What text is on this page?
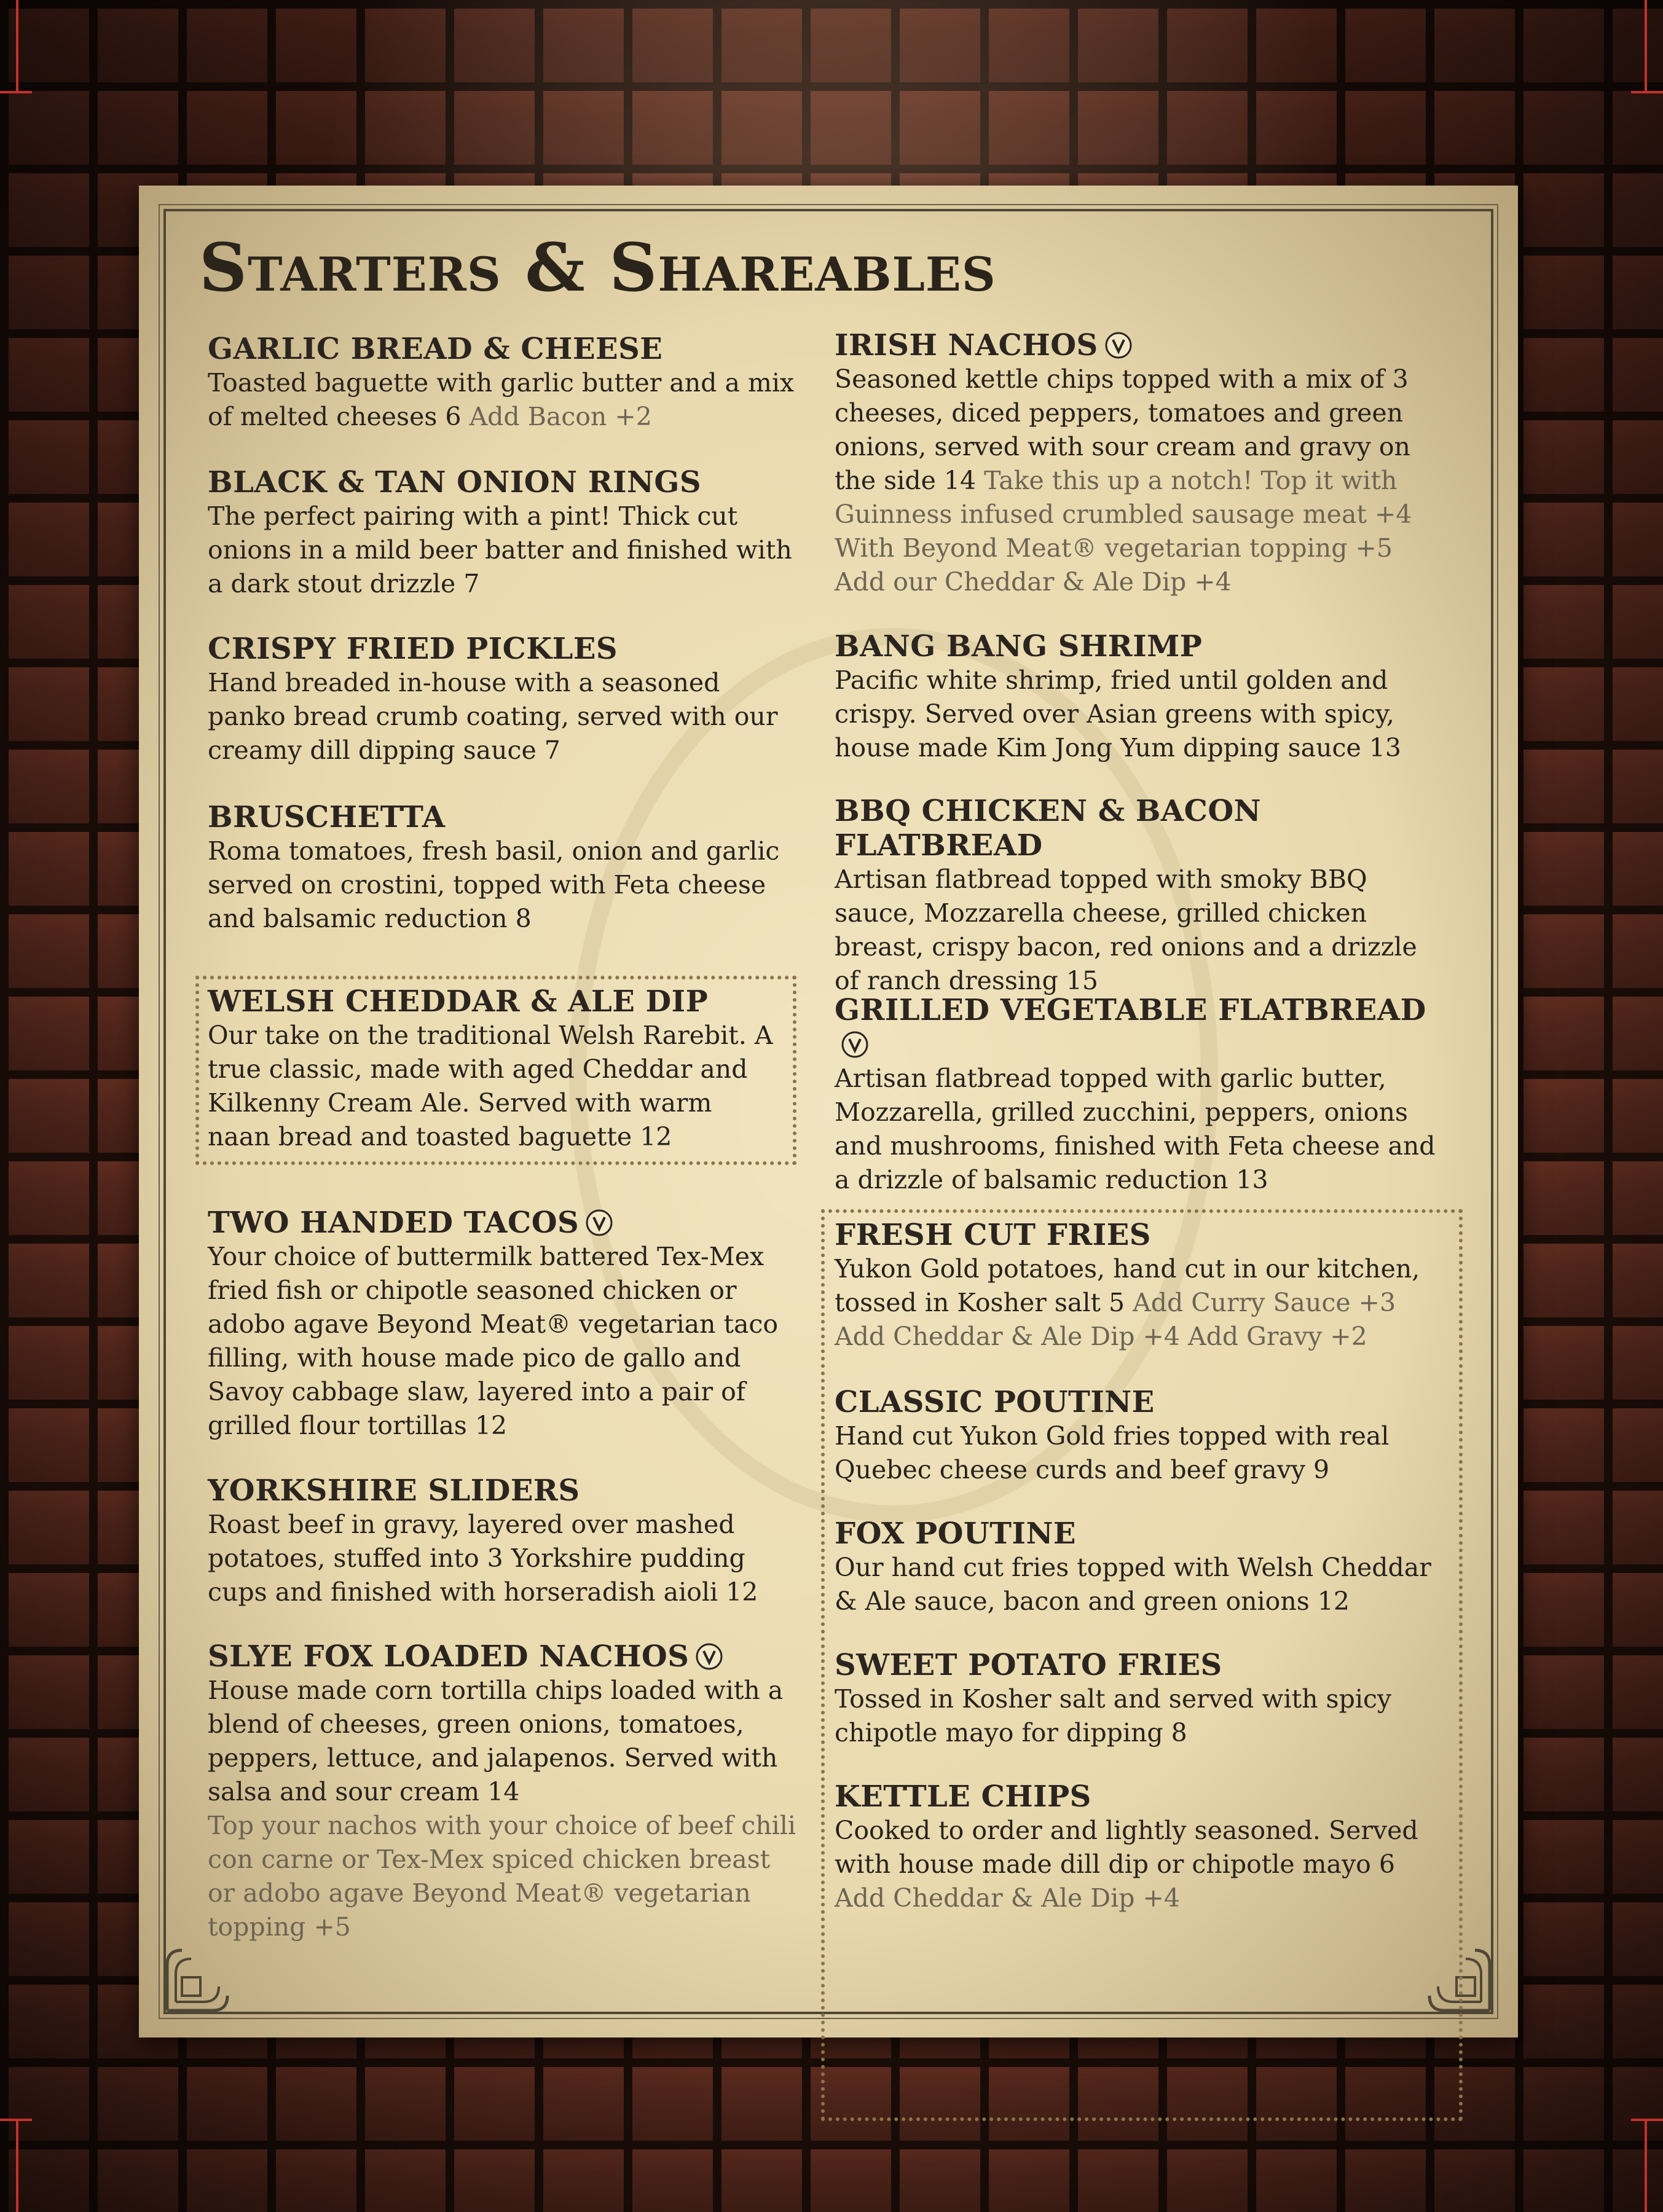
Starters & Shareables
GARLIC BREAD & CHEESE

Toasted baguette with garlic butter and a mix of melted cheeses 6 Add Bacon +2

BLACK & TAN ONION RINGS

The perfect pairing with a pint! Thick cut onions in a mild beer batter and finished with a dark stout drizzle 7

CRISPY FRIED PICKLES

Hand breaded in-house with a seasoned panko bread crumb coating, served with our creamy dill dipping sauce 7

BRUSCHETTA

Roma tomatoes, fresh basil, onion and garlic served on crostini, topped with Feta cheese and balsamic reduction 8

WELSH CHEDDAR & ALE DIP

Our take on the traditional Welsh Rarebit. A true classic, made with aged Cheddar and Kilkenny Cream Ale. Served with warm naan bread and toasted baguette 12

TWO HANDED TACOS

Your choice of buttermilk battered Tex-Mex fried fish or chipotle seasoned chicken or adobo agave Beyond Meat® vegetarian taco filling, with house made pico de gallo and Savoy cabbage slaw, layered into a pair of grilled flour tortillas 12

YORKSHIRE SLIDERS

Roast beef in gravy, layered over mashed potatoes, stuffed into 3 Yorkshire pudding cups and finished with horseradish aioli 12

SLYE FOX LOADED NACHOS

House made corn tortilla chips loaded with a blend of cheeses, green onions, tomatoes, peppers, lettuce, and jalapenos. Served with salsa and sour cream 14

Top your nachos with your choice of beef chili con carne or Tex-Mex spiced chicken breast or adobo agave Beyond Meat® vegetarian topping +5

IRISH NACHOS

Seasoned kettle chips topped with a mix of 3 cheeses, diced peppers, tomatoes and green onions, served with sour cream and gravy on the side 14 Take this up a notch! Top it with Guinness infused crumbled sausage meat +4 With Beyond Meat® vegetarian topping +5 Add our Cheddar & Ale Dip +4

BANG BANG SHRIMP

Pacific white shrimp, fried until golden and crispy. Served over Asian greens with spicy, house made Kim Jong Yum dipping sauce 13

BBQ CHICKEN & BACON FLATBREAD

Artisan flatbread topped with smoky BBQ sauce, Mozzarella cheese, grilled chicken breast, crispy bacon, red onions and a drizzle of ranch dressing 15

GRILLED VEGETABLE FLATBREAD

Artisan flatbread topped with garlic butter, Mozzarella, grilled zucchini, peppers, onions and mushrooms, finished with Feta cheese and a drizzle of balsamic reduction 13

FRESH CUT FRIES

Yukon Gold potatoes, hand cut in our kitchen, tossed in Kosher salt 5 Add Curry Sauce +3 Add Cheddar & Ale Dip +4 Add Gravy +2

CLASSIC POUTINE

Hand cut Yukon Gold fries topped with real Quebec cheese curds and beef gravy 9

FOX POUTINE

Our hand cut fries topped with Welsh Cheddar & Ale sauce, bacon and green onions 12

SWEET POTATO FRIES

Tossed in Kosher salt and served with spicy chipotle mayo for dipping 8

KETTLE CHIPS

Cooked to order and lightly seasoned. Served with house made dill dip or chipotle mayo 6 Add Cheddar & Ale Dip +4
